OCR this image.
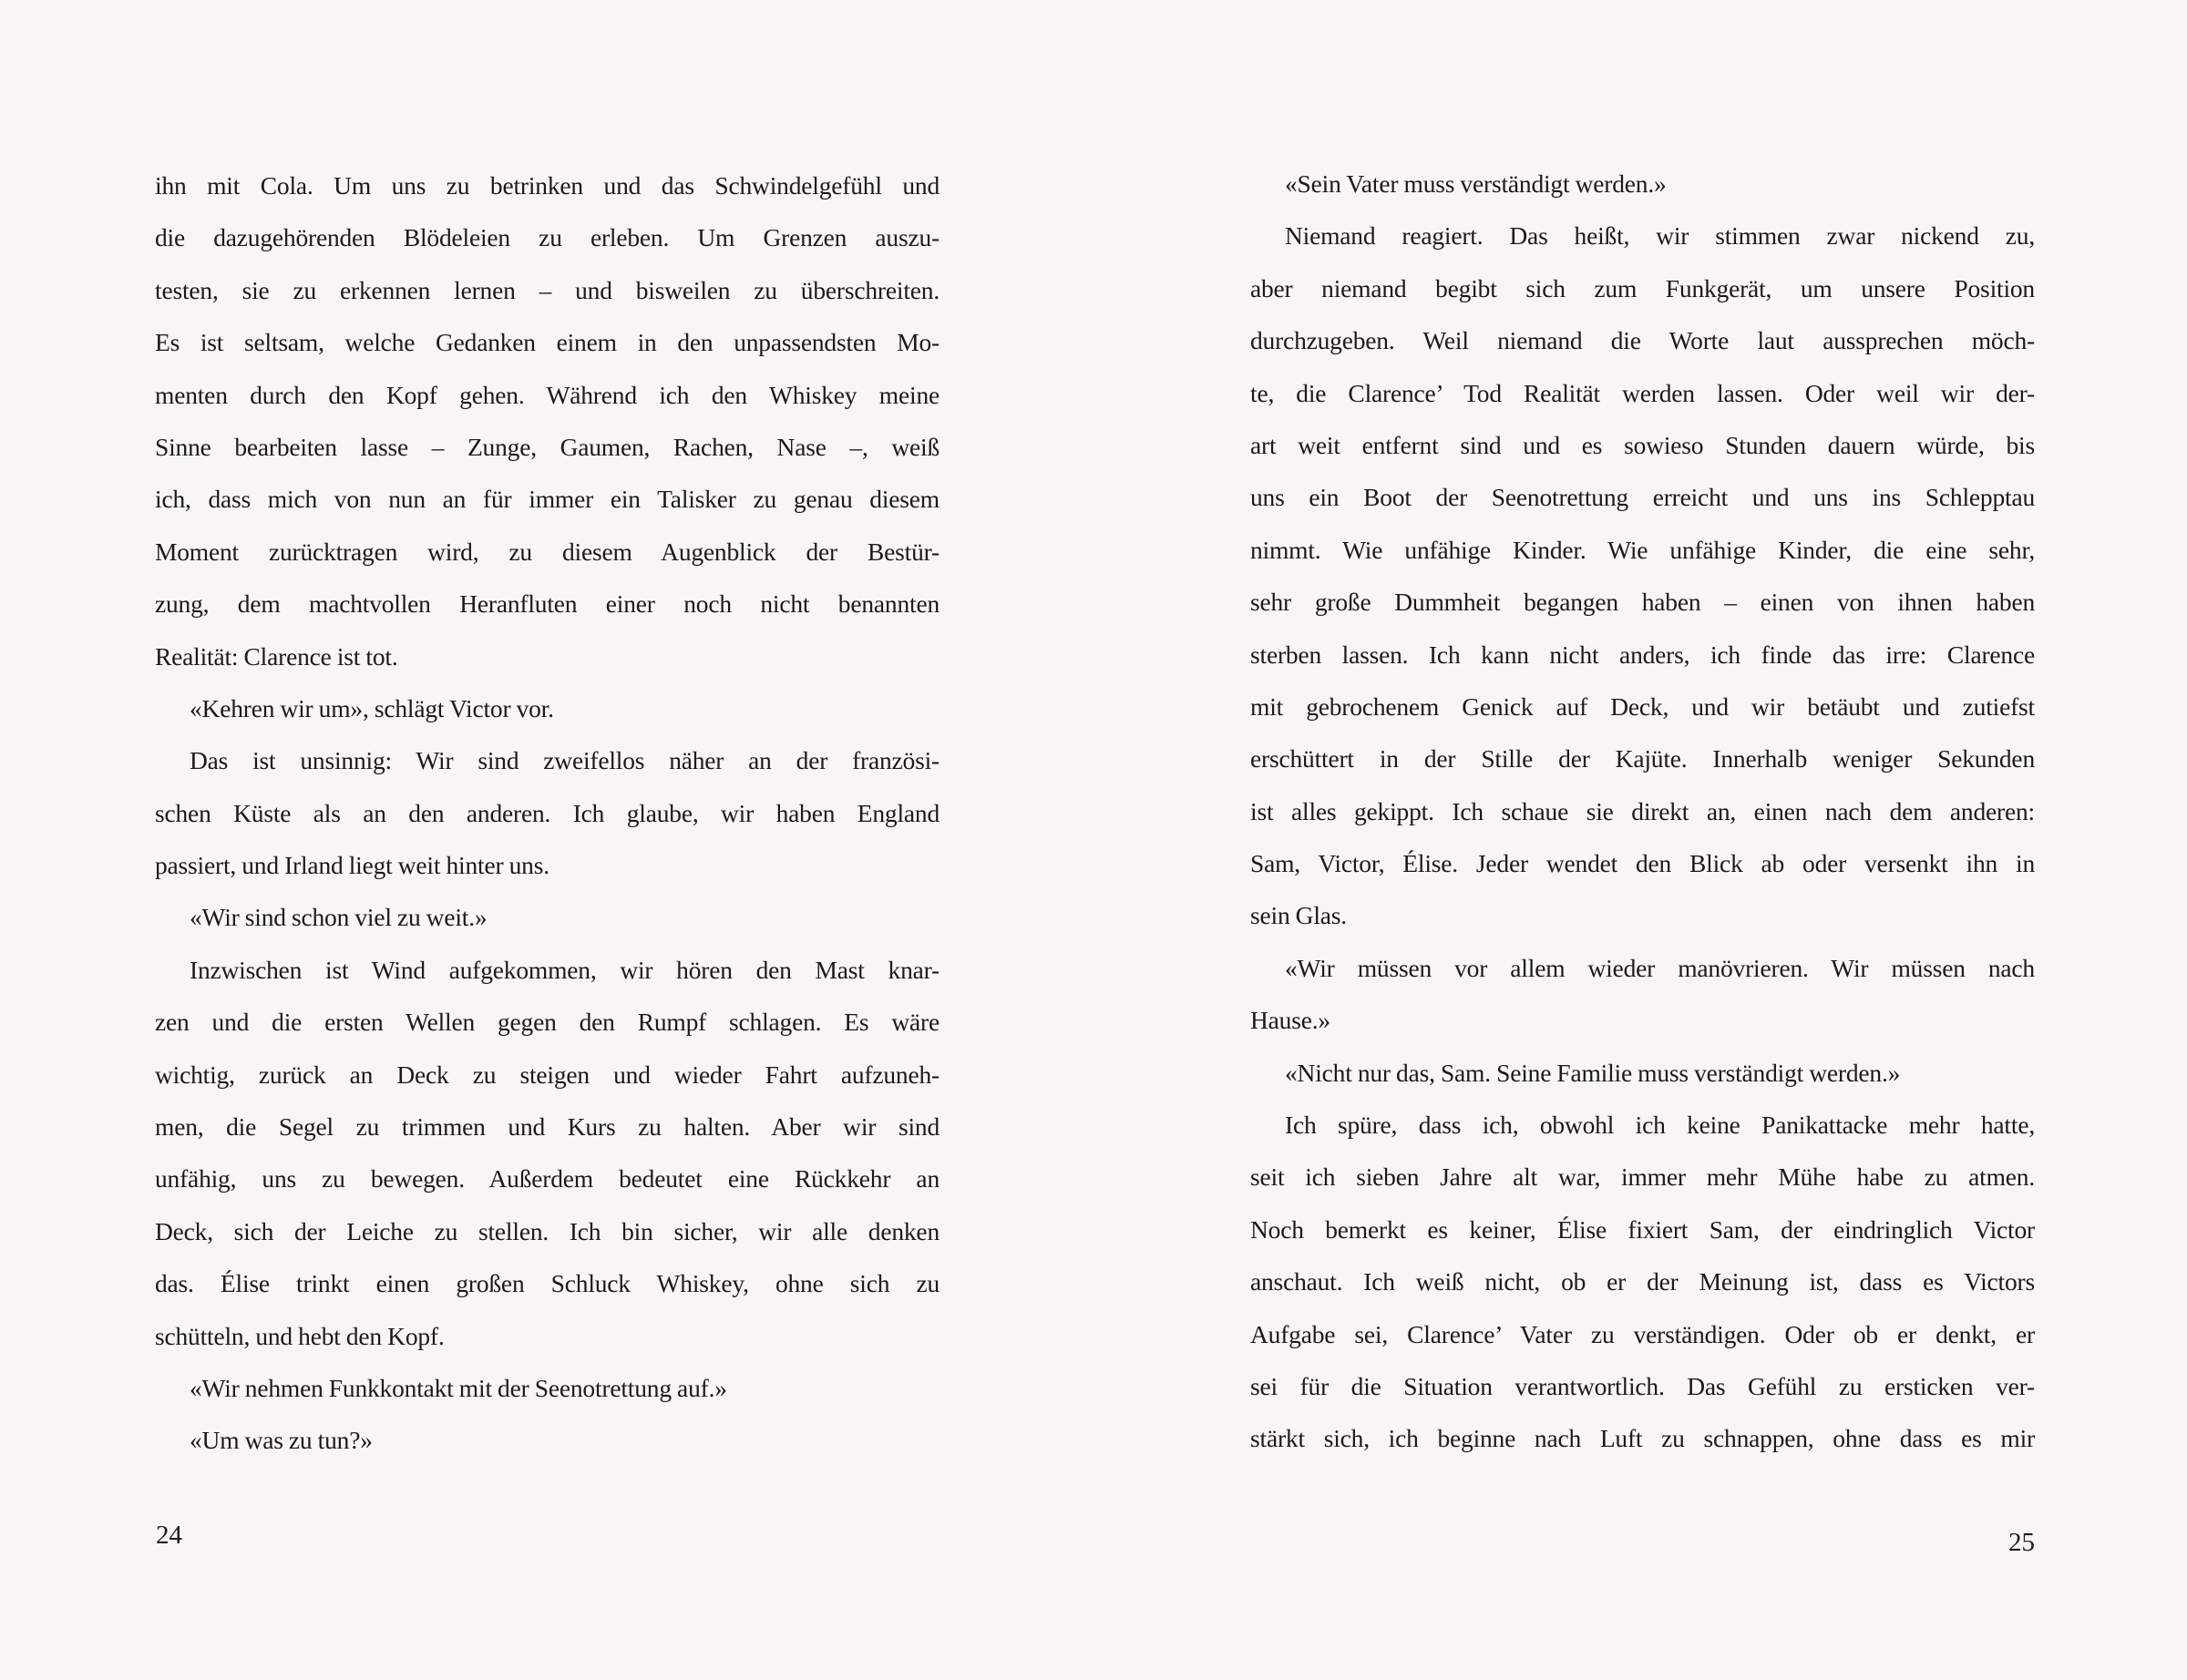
ihn mit Cola. Um uns zu betrinken und das Schwindelgefühl und
die dazugehörenden Blödeleien zu erleben. Um Grenzen auszu-
testen, sie zu erkennen lernen – und bisweilen zu überschreiten.
Es ist seltsam, welche Gedanken einem in den unpassendsten Mo-
menten durch den Kopf gehen. Während ich den Whiskey meine
Sinne bearbeiten lasse – Zunge, Gaumen, Rachen, Nase –, weiß
ich, dass mich von nun an für immer ein Talisker zu genau diesem
Moment zurücktragen wird, zu diesem Augenblick der Bestür-
zung, dem machtvollen Heranfluten einer noch nicht benannten
Realität: Clarence ist tot.
«Kehren wir um», schlägt Victor vor.
Das ist unsinnig: Wir sind zweifellos näher an der französi-
schen Küste als an den anderen. Ich glaube, wir haben England
passiert, und Irland liegt weit hinter uns.
«Wir sind schon viel zu weit.»
Inzwischen ist Wind aufgekommen, wir hören den Mast knar-
zen und die ersten Wellen gegen den Rumpf schlagen. Es wäre
wichtig, zurück an Deck zu steigen und wieder Fahrt aufzuneh-
men, die Segel zu trimmen und Kurs zu halten. Aber wir sind
unfähig, uns zu bewegen. Außerdem bedeutet eine Rückkehr an
Deck, sich der Leiche zu stellen. Ich bin sicher, wir alle denken
das. Élise trinkt einen großen Schluck Whiskey, ohne sich zu
schütteln, und hebt den Kopf.
«Wir nehmen Funkkontakt mit der Seenotrettung auf.»
«Um was zu tun?»
24
«Sein Vater muss verständigt werden.»
Niemand reagiert. Das heißt, wir stimmen zwar nickend zu,
aber niemand begibt sich zum Funkgerät, um unsere Position
durchzugeben. Weil niemand die Worte laut aussprechen möch-
te, die Clarence’ Tod Realität werden lassen. Oder weil wir der-
art weit entfernt sind und es sowieso Stunden dauern würde, bis
uns ein Boot der Seenotrettung erreicht und uns ins Schlepptau
nimmt. Wie unfähige Kinder. Wie unfähige Kinder, die eine sehr,
sehr große Dummheit begangen haben – einen von ihnen haben
sterben lassen. Ich kann nicht anders, ich finde das irre: Clarence
mit gebrochenem Genick auf Deck, und wir betäubt und zutiefst
erschüttert in der Stille der Kajüte. Innerhalb weniger Sekunden
ist alles gekippt. Ich schaue sie direkt an, einen nach dem anderen:
Sam, Victor, Élise. Jeder wendet den Blick ab oder versenkt ihn in
sein Glas.
«Wir müssen vor allem wieder manövrieren. Wir müssen nach
Hause.»
«Nicht nur das, Sam. Seine Familie muss verständigt werden.»
Ich spüre, dass ich, obwohl ich keine Panikattacke mehr hatte,
seit ich sieben Jahre alt war, immer mehr Mühe habe zu atmen.
Noch bemerkt es keiner, Élise fixiert Sam, der eindringlich Victor
anschaut. Ich weiß nicht, ob er der Meinung ist, dass es Victors
Aufgabe sei, Clarence’ Vater zu verständigen. Oder ob er denkt, er
sei für die Situation verantwortlich. Das Gefühl zu ersticken ver-
stärkt sich, ich beginne nach Luft zu schnappen, ohne dass es mir
25
